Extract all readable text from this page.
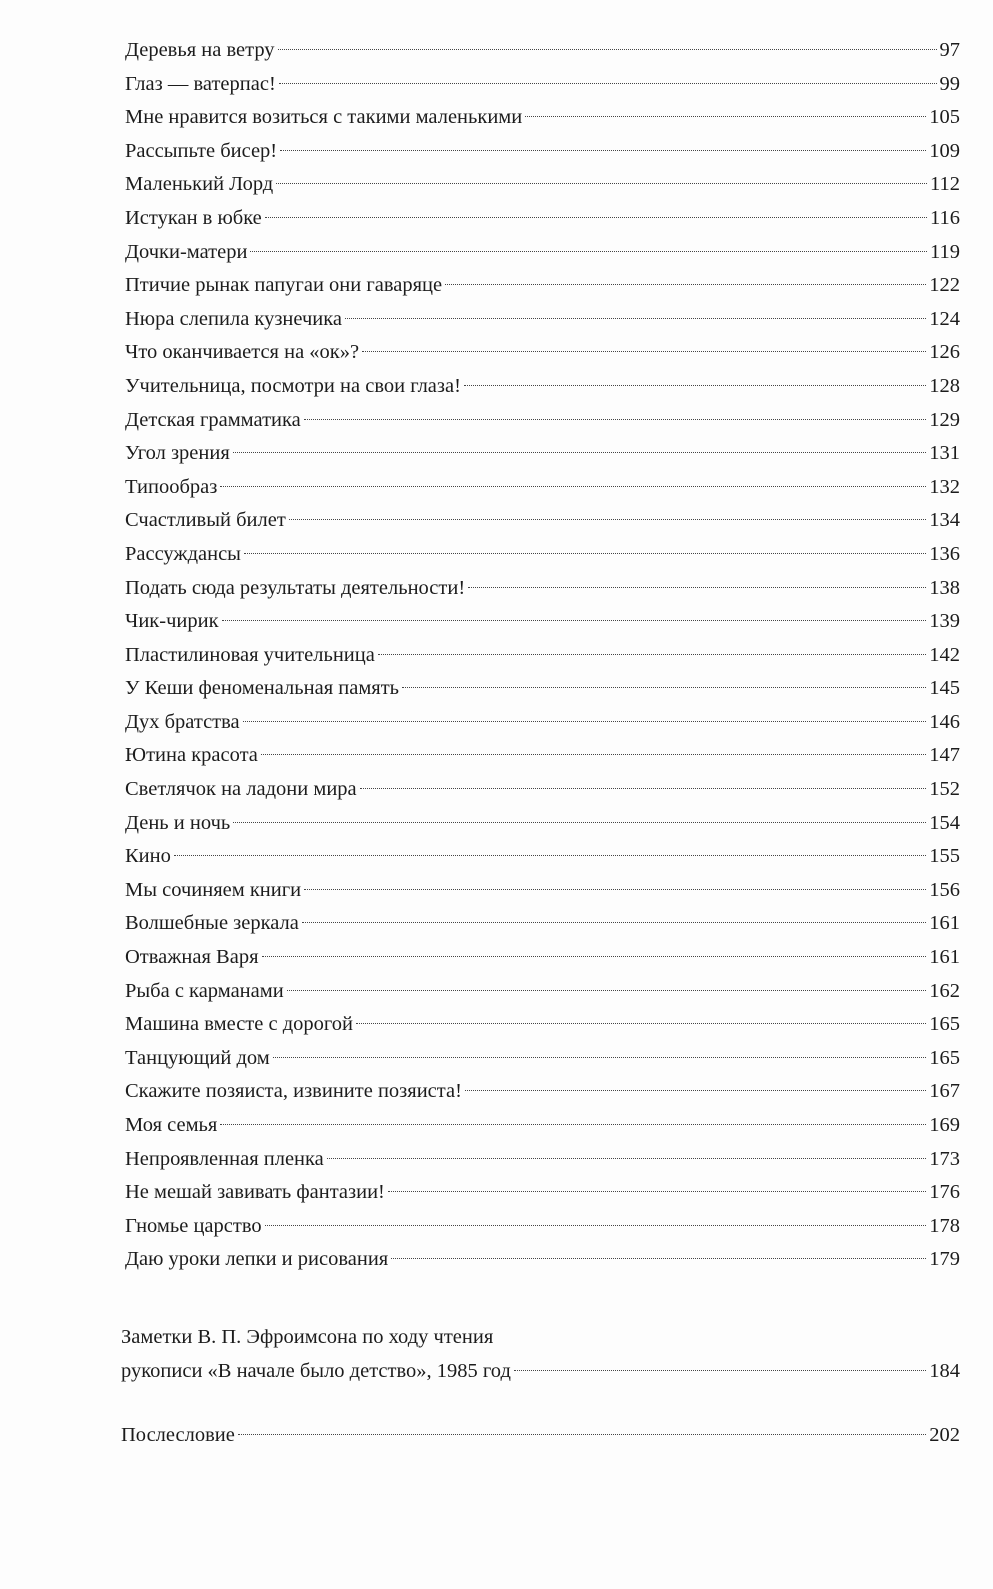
Деревья на ветру	97
Глаз — ватерпас!	99
Мне нравится возиться с такими маленькими	105
Рассыпьте бисер!	109
Маленький Лорд	112
Истукан в юбке	116
Дочки-матери	119
Птичие рынак папугаи они гаваряце	122
Нюра слепила кузнечика	124
Что оканчивается на «ок»?	126
Учительница, посмотри на свои глаза!	128
Детская грамматика	129
Угол зрения	131
Типообраз	132
Счастливый билет	134
Рассуждансы	136
Подать сюда результаты деятельности!	138
Чик-чирик	139
Пластилиновая учительница	142
У Кеши феноменальная память	145
Дух братства	146
Ютина красота	147
Светлячок на ладони мира	152
День и ночь	154
Кино	155
Мы сочиняем книги	156
Волшебные зеркала	161
Отважная Варя	161
Рыба с карманами	162
Машина вместе с дорогой	165
Танцующий дом	165
Скажите позяиста, извините позяиста!	167
Моя семья	169
Непроявленная пленка	173
Не мешай завивать фантазии!	176
Гномье царство	178
Даю уроки лепки и рисования	179
Заметки В. П. Эфроимсона по ходу чтения
рукописи «В начале было детство», 1985 год	184
Послесловие	202
